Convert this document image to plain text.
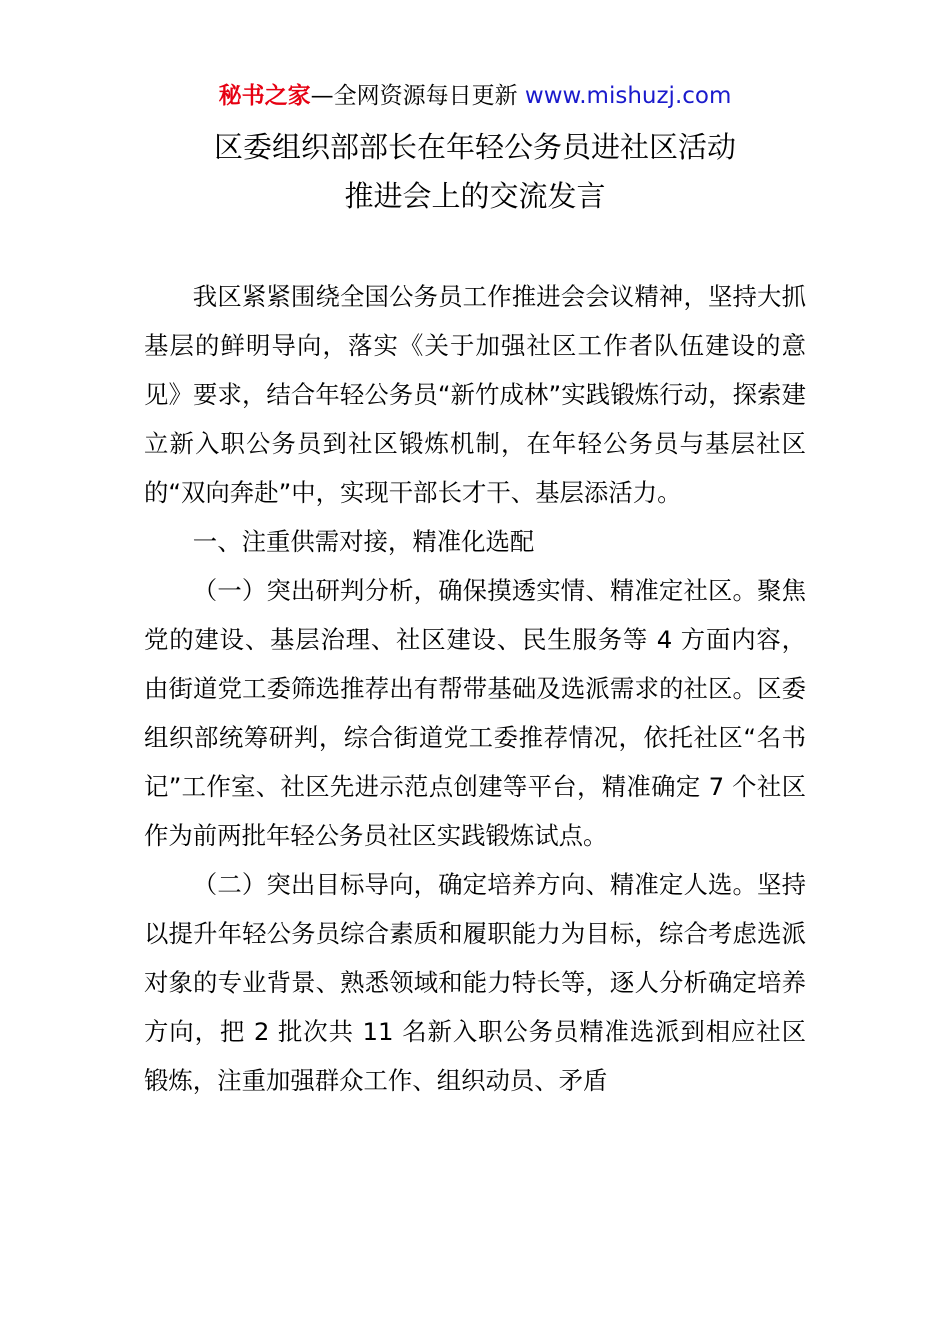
秘书之家—全网资源每日更新 www.mishuzj.com
区委组织部部长在年轻公务员进社区活动
推进会上的交流发言

我区紧紧围绕全国公务员工作推进会会议精神，坚持大抓基层的鲜明导向，落实《关于加强社区工作者队伍建设的意见》要求，结合年轻公务员“新竹成林”实践锻炼行动，探索建立新入职公务员到社区锻炼机制，在年轻公务员与基层社区的“双向奔赴”中，实现干部长才干、基层添活力。

一、注重供需对接，精准化选配

（一）突出研判分析，确保摸透实情、精准定社区。聚焦党的建设、基层治理、社区建设、民生服务等 4 方面内容，由街道党工委筛选推荐出有帮带基础及选派需求的社区。区委组织部统筹研判，综合街道党工委推荐情况，依托社区“名书记”工作室、社区先进示范点创建等平台，精准确定 7 个社区作为前两批年轻公务员社区实践锻炼试点。

（二）突出目标导向，确定培养方向、精准定人选。坚持以提升年轻公务员综合素质和履职能力为目标，综合考虑选派对象的专业背景、熟悉领域和能力特长等，逐人分析确定培养方向，把 2 批次共 11 名新入职公务员精准选派到相应社区锻炼，注重加强群众工作、组织动员、矛盾
